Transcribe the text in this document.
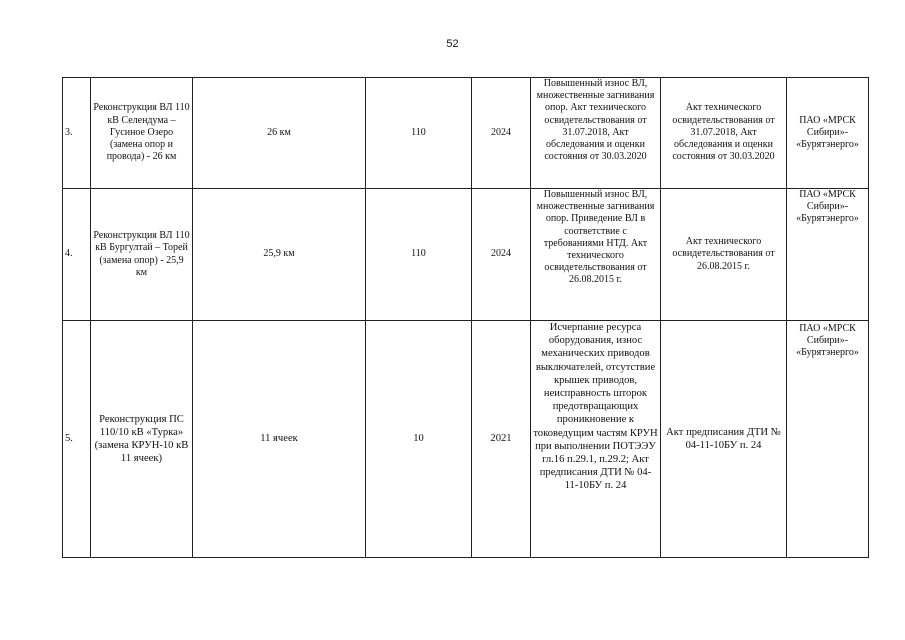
52
3.	Реконструкция ВЛ 110 кВ Селендума – Гусиное Озеро (замена опор и провода) - 26 км	26 км	110	2024	Повышенный износ ВЛ, множественные загнивания опор. Акт технического освидетельствования от 31.07.2018, Акт обследования и оценки состояния от 30.03.2020	Акт технического освидетельствования от 31.07.2018, Акт обследования и оценки состояния от 30.03.2020	ПАО «МРСК Сибири»- «Бурятэнерго»
4.	Реконструкция ВЛ 110 кВ Бургултай – Торей (замена опор) - 25,9 км	25,9 км	110	2024	Повышенный износ ВЛ, множественные загнивания опор. Приведение ВЛ в соответствие с требованиями НТД. Акт технического освидетельствования от 26.08.2015 г.	Акт технического освидетельствования от 26.08.2015 г.	ПАО «МРСК Сибири»- «Бурятэнерго»
5.	Реконструкция ПС 110/10 кВ «Турка» (замена КРУН-10 кВ 11 ячеек)	11 ячеек	10	2021	Исчерпание ресурса оборудования, износ механических приводов выключателей, отсутствие крышек приводов, неисправность шторок предотвращающих проникновение к токоведущим частям КРУН при выполнении ПОТЭЭУ гл.16 п.29.1, п.29.2; Акт предписания ДТИ № 04-11-10БУ п. 24	Акт предписания ДТИ № 04-11-10БУ п. 24	ПАО «МРСК Сибири»- «Бурятэнерго»
